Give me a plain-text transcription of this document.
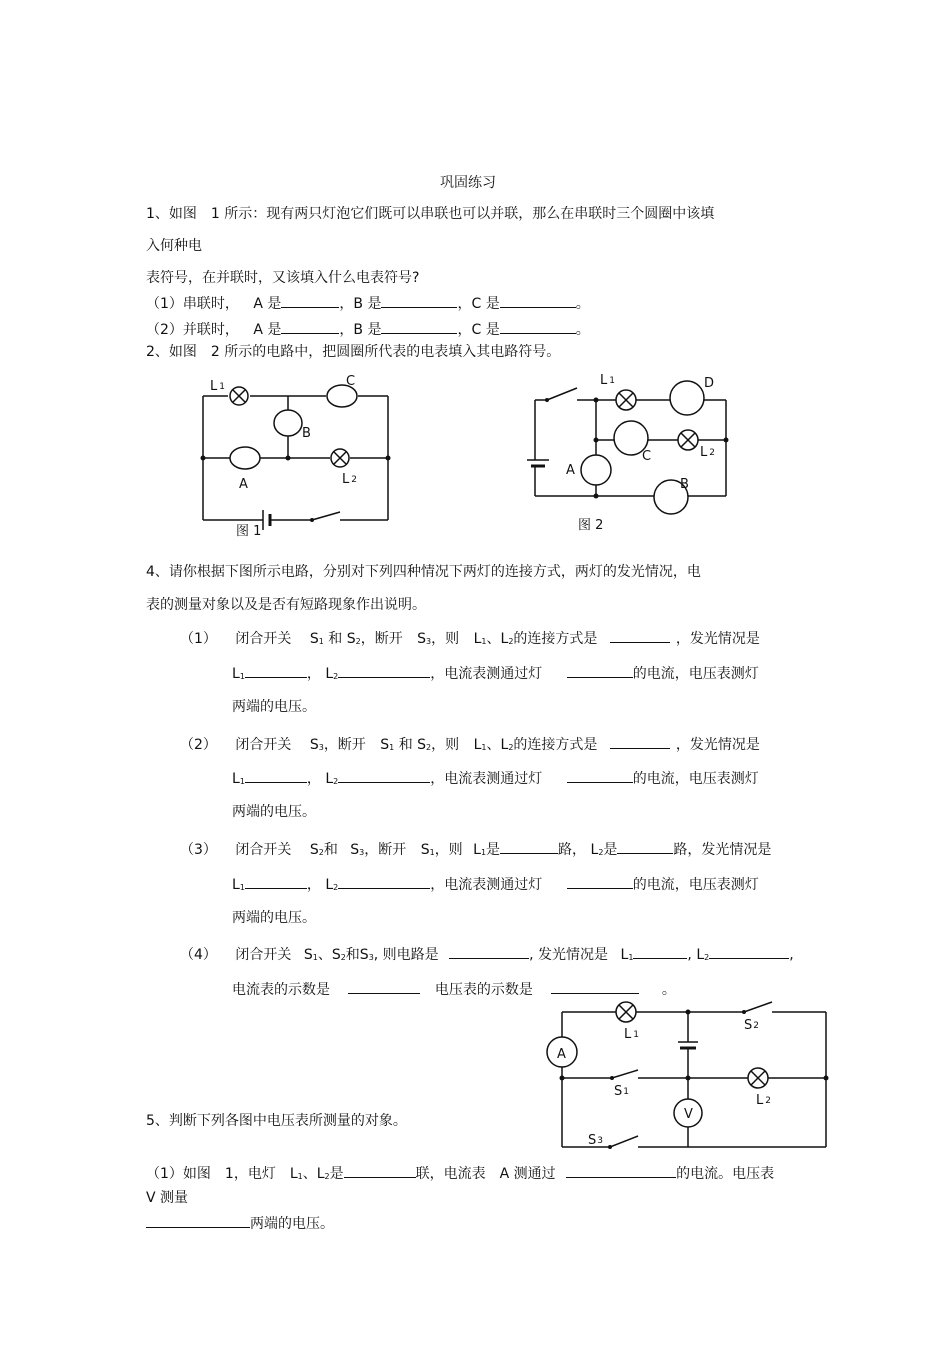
巩固练习
1、如图　1 所示：现有两只灯泡它们既可以串联也可以并联，那么在串联时三个圆圈中该填
入何种电
表符号，在并联时，又该填入什么电表符号?
（1）串联时， A 是	，B 是	，C 是	。
（2）并联时， A 是	，B 是	，C 是	。
2、如图　2 所示的电路中，把圆圈所代表的电表填入其电路符号。
L 1	C
B
A	L 2
图 1
L 1	D
C	L 2
A
B
图 2
A
V
L 1
L 2
S2
S1
S3
4、请你根据下图所示电路，分别对下列四种情况下两灯的连接方式，两灯的发光情况，电
表的测量对象以及是否有短路现象作出说明。
（1） 闭合开关 $S_1$ 和 $S_2$，断开 $S_3$，则 $L_1$、$L_2$的连接方式是	，发光情况是
$L_1$	， $L_2$	，电流表测通过灯	的电流，电压表测灯
两端的电压。
（2） 闭合开关 $S_3$，断开 $S_1$ 和 $S_2$，则 $L_1$、$L_2$的连接方式是	，发光情况是
$L_1$	， $L_2$	，电流表测通过灯	的电流，电压表测灯
两端的电压。
（3） 闭合开关 $S_2$和 $S_3$，断开 $S_1$，则 $L_1$是	路， $L_2$是	路，发光情况是
$L_1$	， $L_2$	，电流表测通过灯	的电流，电压表测灯
两端的电压。
（4） 闭合开关 $S_1$、$S_2$和$S_3$, 则电路是	, 发光情况是 $L_1$	, $L_2$	,
电流表的示数是	电压表的示数是	。
5、判断下列各图中电压表所测量的对象。
（1）如图　1，电灯　$L_1$、$L_2$是	联，电流表　A 测通过	的电流。电压表
V 测量
两端的电压。
